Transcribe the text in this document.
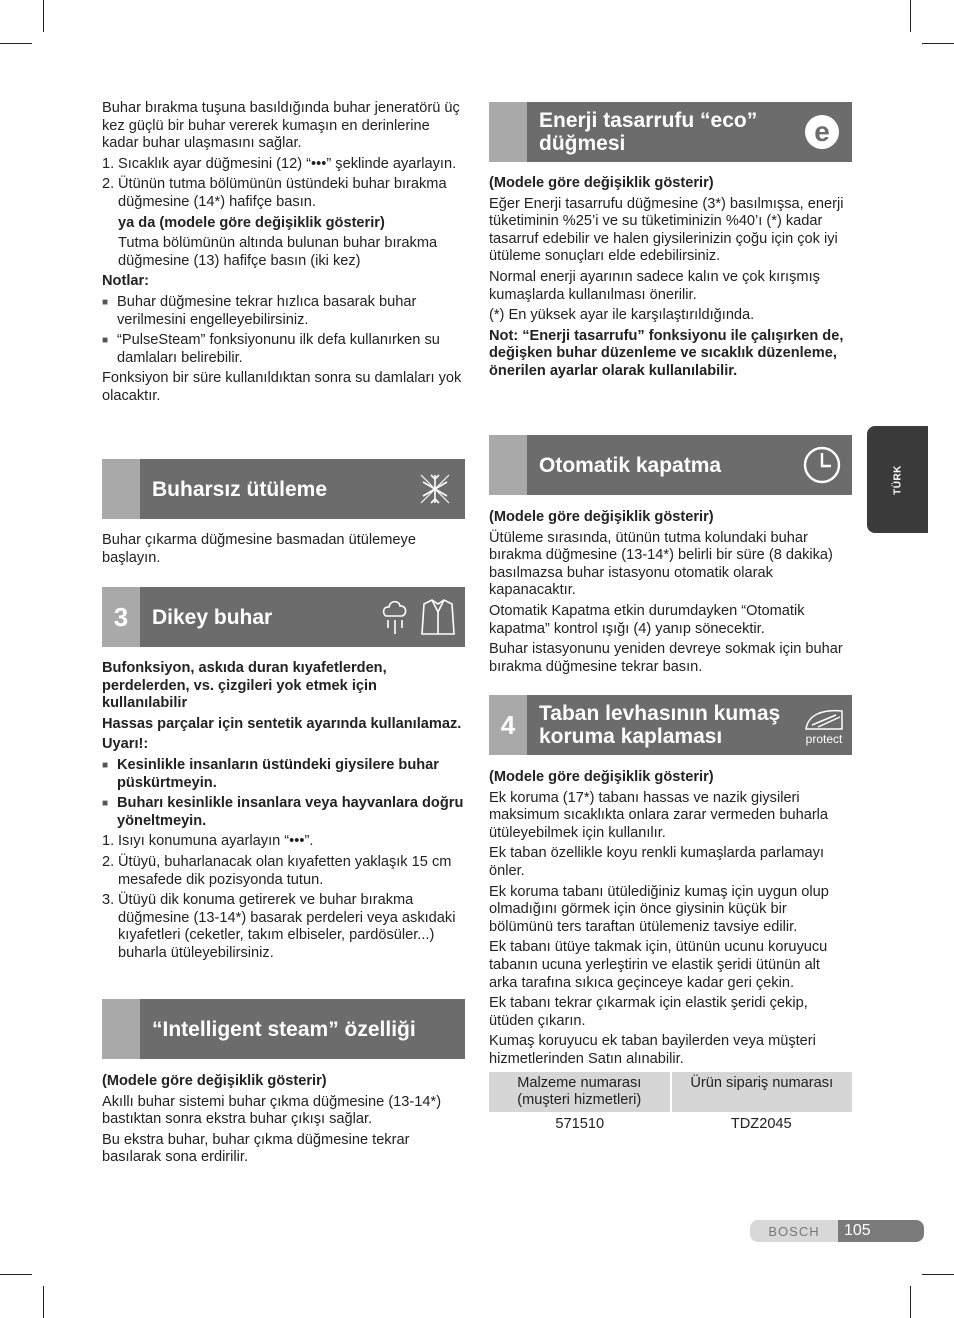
TÜRK

Buhar bırakma tuşuna basıldığında buhar jeneratörü üç kez güçlü bir buhar vererek kumaşın en derinlerine kadar buhar ulaşmasını sağlar.

1. Sıcaklık ayar düğmesini (12) “•••” şeklinde ayarlayın.
2. Ütünün tutma bölümünün üstündeki buhar bırakma düğmesine (14*) hafifçe basın.

ya da (modele göre değişiklik gösterir)

Tutma bölümünün altında bulunan buhar bırakma düğmesine (13) hafifçe basın (iki kez)

Notlar:

■ Buhar düğmesine tekrar hızlıca basarak buhar verilmesini engelleyebilirsiniz.
■ “PulseSteam” fonksiyonunu ilk defa kullanırken su damlaları belirebilir.

Fonksiyon bir süre kullanıldıktan sonra su damlaları yok olacaktır.

Buharsız ütüleme

Buhar çıkarma düğmesine basmadan ütülemeye başlayın.

3	Dikey buhar

Bufonksiyon, askıda duran kıyafetlerden, perdelerden, vs. çizgileri yok etmek için kullanılabilir

Hassas parçalar için sentetik ayarında kullanılamaz.

Uyarı!:

■ Kesinlikle insanların üstündeki giysilere buhar püskürtmeyin.
■ Buharı kesinlikle insanlara veya hayvanlara doğru yöneltmeyin.
1. Isıyı konumuna ayarlayın “•••”.
2. Ütüyü, buharlanacak olan kıyafetten yaklaşık 15 cm mesafede dik pozisyonda tutun.
3. Ütüyü dik konuma getirerek ve buhar bırakma düğmesine (13-14*) basarak perdeleri veya askıdaki kıyafetleri (ceketler, takım elbiseler, pardösüler...) buharla ütüleyebilirsiniz.
“Intelligent steam” özelliği

(Modele göre değişiklik gösterir)

Akıllı buhar sistemi buhar çıkma düğmesine (13-14*) bastıktan sonra ekstra buhar çıkışı sağlar.

Bu ekstra buhar, buhar çıkma düğmesine tekrar basılarak sona erdirilir.

Enerji tasarrufu “eco” düğmesi	e

(Modele göre değişiklik gösterir)

Eğer Enerji tasarrufu düğmesine (3*) basılmışsa, enerji tüketiminin %25’i ve su tüketiminizin %40’ı (*) kadar tasarruf edebilir ve halen giysilerinizin çoğu için çok iyi ütüleme sonuçları elde edebilirsiniz.

Normal enerji ayarının sadece kalın ve çok kırışmış kumaşlarda kullanılması önerilir.

(*) En yüksek ayar ile karşılaştırıldığında.

Not: “Enerji tasarrufu” fonksiyonu ile çalışırken de, değişken buhar düzenleme ve sıcaklık düzenleme, önerilen ayarlar olarak kullanılabilir.

Otomatik kapatma

(Modele göre değişiklik gösterir)

Ütüleme sırasında, ütünün tutma kolundaki buhar bırakma düğmesine (13-14*) belirli bir süre (8 dakika) basılmazsa buhar istasyonu otomatik olarak kapanacaktır.

Otomatik Kapatma etkin durumdayken “Otomatik kapatma” kontrol ışığı (4) yanıp sönecektir.

Buhar istasyonunu yeniden devreye sokmak için buhar bırakma düğmesine tekrar basın.

4	Taban levhasının kumaş koruma kaplaması	protect

(Modele göre değişiklik gösterir)

Ek koruma (17*) tabanı hassas ve nazik giysileri maksimum sıcaklıkta onlara zarar vermeden buharla ütüleyebilmek için kullanılır.

Ek taban özellikle koyu renkli kumaşlarda parlamayı önler.

Ek koruma tabanı ütülediğiniz kumaş için uygun olup olmadığını görmek için önce giysinin küçük bir bölümünü ters taraftan ütülemeniz tavsiye edilir.

Ek tabanı ütüye takmak için, ütünün ucunu koruyucu tabanın ucuna yerleştirin ve elastik şeridi ütünün alt arka tarafına sıkıca geçinceye kadar geri çekin.

Ek tabanı tekrar çıkarmak için elastik şeridi çekip, ütüden çıkarın.

Kumaş koruyucu ek taban bayilerden veya müşteri hizmetlerinden Satın alınabilir.

Malzeme numarası (muşteri hizmetleri)	Ürün sipariş numarası
571510	TDZ2045
BOSCH	105
